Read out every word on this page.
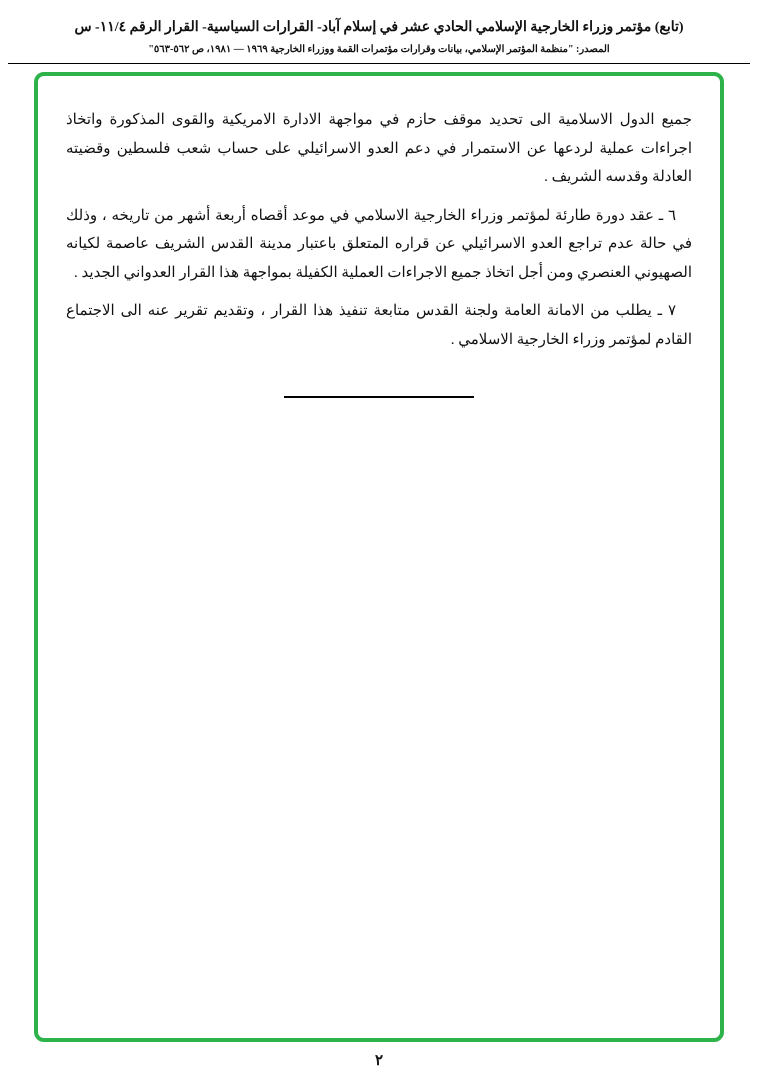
(تابع) مؤتمر وزراء الخارجية الإسلامي الحادي عشر في إسلام آباد- القرارات السياسية- القرار الرقم ١١/٤- س
المصدر: "منظمة المؤتمر الإسلامي، بيانات وقرارات مؤتمرات القمة ووزراء الخارجية ١٩٦٩ — ١٩٨١، ص ٥٦٢-٥٦٣"

جميع الدول الاسلامية الى تحديد موقف حازم في مواجهة الادارة الامريكية والقوى المذكورة واتخاذ اجراءات عملية لردعها عن الاستمرار في دعم العدو الاسرائيلي على حساب شعب فلسطين وقضيته العادلة وقدسه الشريف .

٦ ـ عقد دورة طارئة لمؤتمر وزراء الخارجية الاسلامي في موعد أقصاه أربعة أشهر من تاريخه ، وذلك في حالة عدم تراجع العدو الاسرائيلي عن قراره المتعلق باعتبار مدينة القدس الشريف عاصمة لكيانه الصهيوني العنصري ومن أجل اتخاذ جميع الاجراءات العملية الكفيلة بمواجهة هذا القرار العدواني الجديد .

٧ ـ يطلب من الامانة العامة ولجنة القدس متابعة تنفيذ هذا القرار ، وتقديم تقرير عنه الى الاجتماع القادم لمؤتمر وزراء الخارجية الاسلامي .

٢
